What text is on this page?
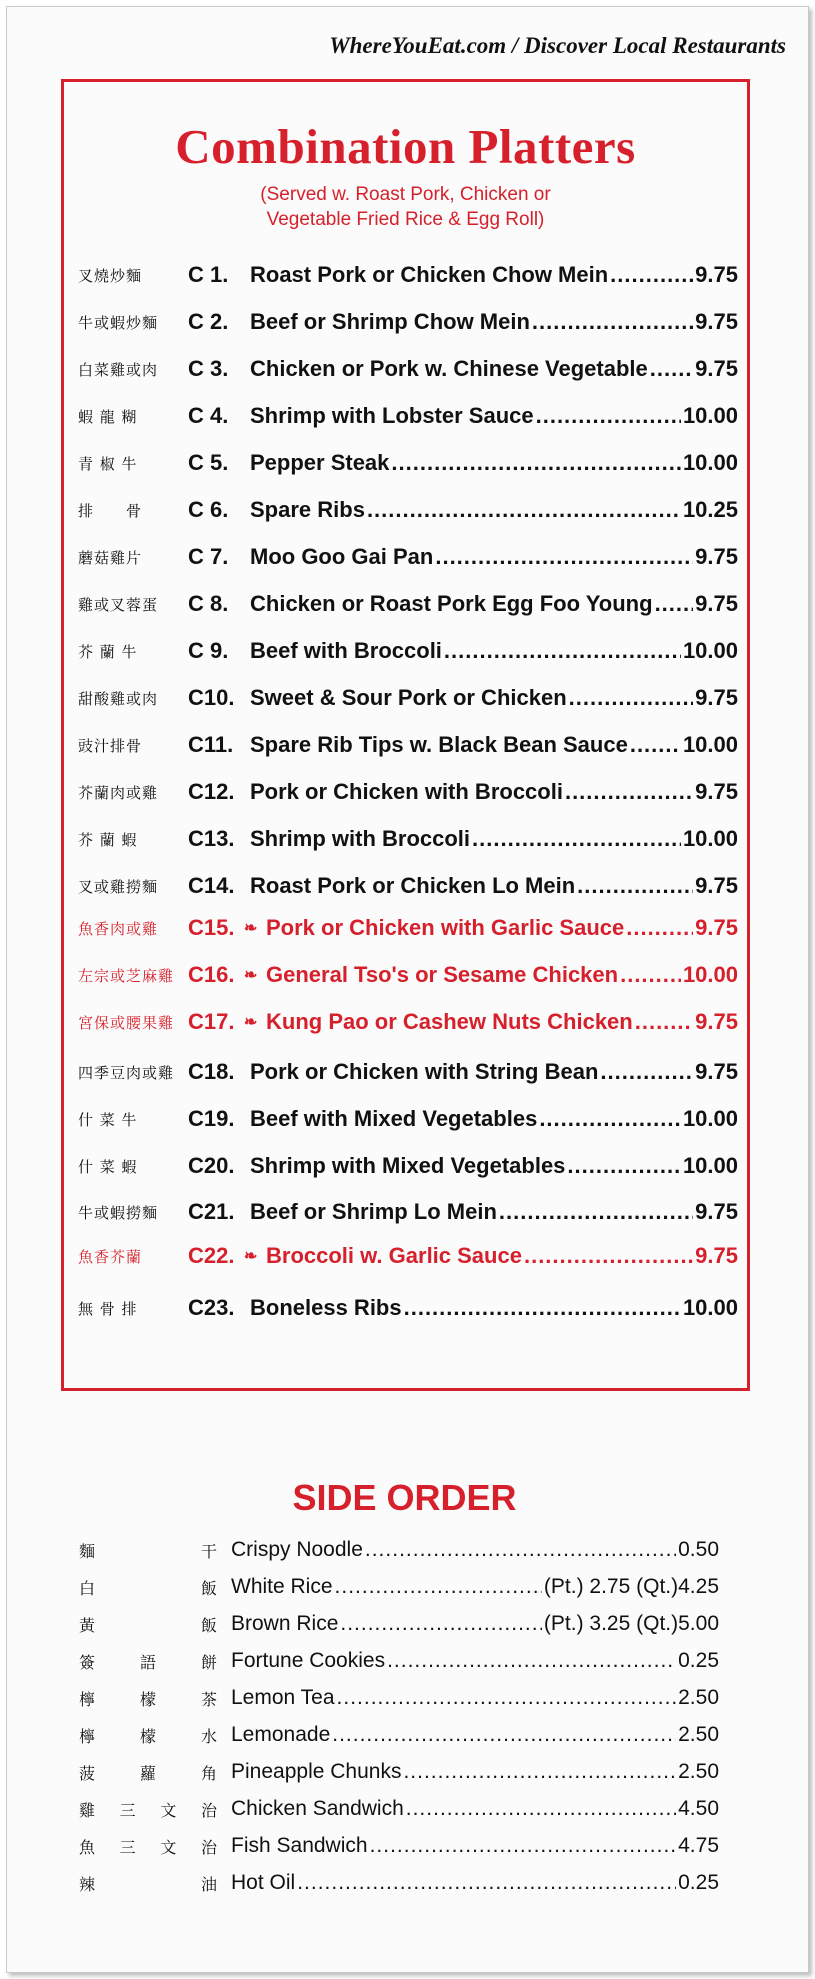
WhereYouEat.com / Discover Local Restaurants
Combination Platters
(Served w. Roast Pork, Chicken or
Vegetable Fried Rice & Egg Roll)
叉燒炒麵	C 1. Roast Pork or Chicken Chow Mein .....	9.75
牛或蝦炒麵	C 2. Beef or Shrimp Chow Mein .....	9.75
白菜雞或肉	C 3. Chicken or Pork w. Chinese Vegetable ..... 9.75
蝦 龍 糊	C 4. Shrimp with Lobster Sauce .....	10.00
青 椒 牛	C 5. Pepper Steak .....	10.00
排　　骨	C 6. Spare Ribs .....	10.25
蘑菇雞片	C 7. Moo Goo Gai Pan .....	9.75
雞或叉蓉蛋	C 8. Chicken or Roast Pork Egg Foo Young ..... 9.75
芥 蘭 牛	C 9. Beef with Broccoli .....	10.00
甜酸雞或肉	C10. Sweet & Sour Pork or Chicken .....	9.75
豉汁排骨	C11. Spare Rib Tips w. Black Bean Sauce .....	10.00
芥蘭肉或雞	C12. Pork or Chicken with Broccoli .....	9.75
芥 蘭 蝦	C13. Shrimp with Broccoli .....	10.00
叉或雞撈麵	C14. Roast Pork or Chicken Lo Mein .....	9.75
魚香肉或雞	C15. ❧ Pork or Chicken with Garlic Sauce .....	9.75
左宗或芝麻雞 C16. ❧ General Tso's or Sesame Chicken .....	10.00
宮保或腰果雞 C17. ❧ Kung Pao or Cashew Nuts Chicken .....	9.75
四季豆肉或雞 C18. Pork or Chicken with String Bean .....	9.75
什 菜 牛	C19. Beef with Mixed Vegetables .....	10.00
什 菜 蝦	C20. Shrimp with Mixed Vegetables .....	10.00
牛或蝦撈麵	C21. Beef or Shrimp Lo Mein .....	9.75
魚香芥蘭	C22. ❧ Broccoli w. Garlic Sauce .....	9.75
無 骨 排	C23. Boneless Ribs .....	10.00
SIDE ORDER
麵	干 Crispy Noodle .....	0.50
白	飯 White Rice .....	(Pt.) 2.75 (Qt.) 4.25
黃	飯 Brown Rice .....	(Pt.) 3.25 (Qt.) 5.00
簽	語	餅 Fortune Cookies .....	0.25
檸	檬	茶 Lemon Tea .....	2.50
檸	檬	水 Lemonade .....	2.50
菠	蘿	角 Pineapple Chunks .....	2.50
雞 三 文 治 Chicken Sandwich .....	4.50
魚 三 文 治 Fish Sandwich .....	4.75
辣	油 Hot Oil .....	0.25
